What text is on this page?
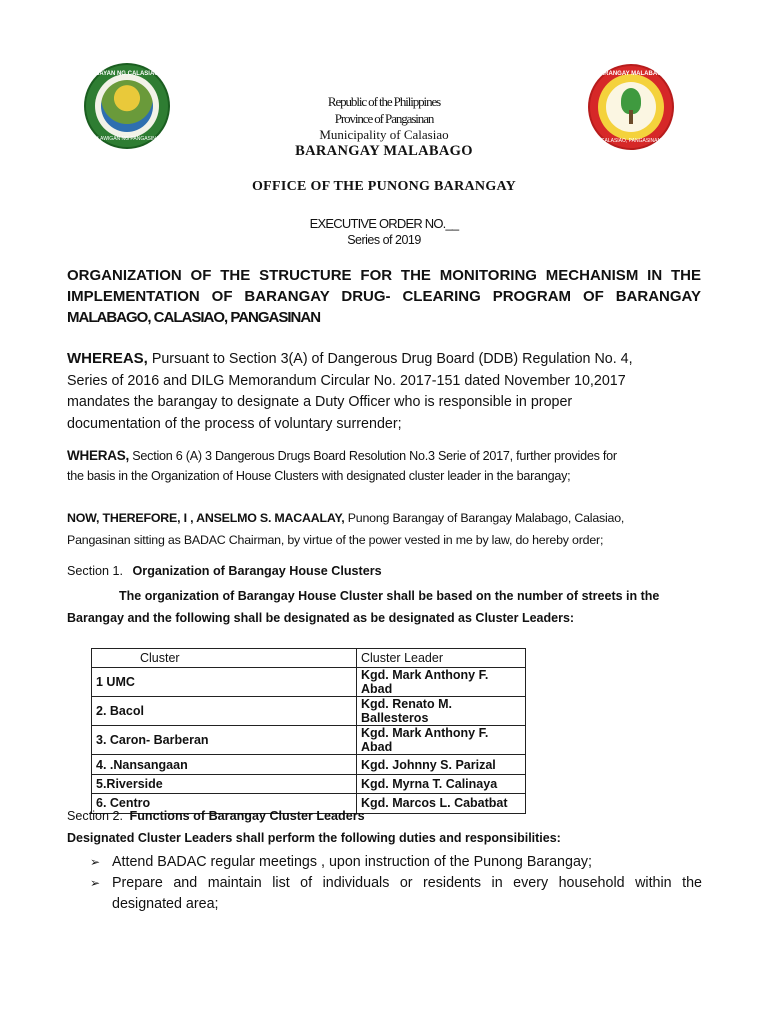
BAYAN NG CALASIAO
LALAWIGAN NG PANGASINAN
BARANGAY MALABAGO
CALASIAO, PANGASINAN
Republic of the Philippines
Province of Pangasinan
Municipality of Calasiao
BARANGAY MALABAGO
OFFICE OF THE PUNONG BARANGAY
EXECUTIVE ORDER NO.__
Series of 2019
ORGANIZATION OF THE STRUCTURE FOR THE MONITORING MECHANISM IN THE
IMPLEMENTATION OF BARANGAY DRUG- CLEARING PROGRAM OF BARANGAY
MALABAGO, CALASIAO, PANGASINAN
WHEREAS, Pursuant to Section 3(A) of Dangerous Drug Board (DDB) Regulation No. 4,
Series of 2016 and DILG Memorandum Circular No. 2017-151 dated November 10,2017
mandates the barangay to designate a Duty Officer who is responsible in proper
documentation of the process of voluntary surrender;
WHERAS, Section 6 (A) 3 Dangerous Drugs Board Resolution No.3 Serie of 2017, further provides for
the basis in the Organization of House Clusters with designated cluster leader in the barangay;
NOW, THEREFORE, I , ANSELMO S. MACAALAY, Punong Barangay of Barangay Malabago, Calasiao,
Pangasinan sitting as BADAC Chairman, by virtue of the power vested in me by law, do hereby order;
Section 1. Organization of Barangay House Clusters
The organization of Barangay House Cluster shall be based on the number of streets in the
Barangay and the following shall be designated as be designated as Cluster Leaders:
Cluster	Cluster Leader
1 UMC	Kgd. Mark Anthony F. Abad
2. Bacol	Kgd. Renato M. Ballesteros
3. Caron- Barberan	Kgd. Mark Anthony F. Abad
4. .Nansangaan	Kgd. Johnny S. Parizal
5.Riverside	Kgd. Myrna T. Calinaya
6. Centro	Kgd. Marcos L. Cabatbat
Section 2. Functions of Barangay Cluster Leaders
Designated Cluster Leaders shall perform the following duties and responsibilities:
➢ Attend BADAC regular meetings , upon instruction of the Punong Barangay;
➢ Prepare and maintain list of individuals or residents in every household within the
designated area;
